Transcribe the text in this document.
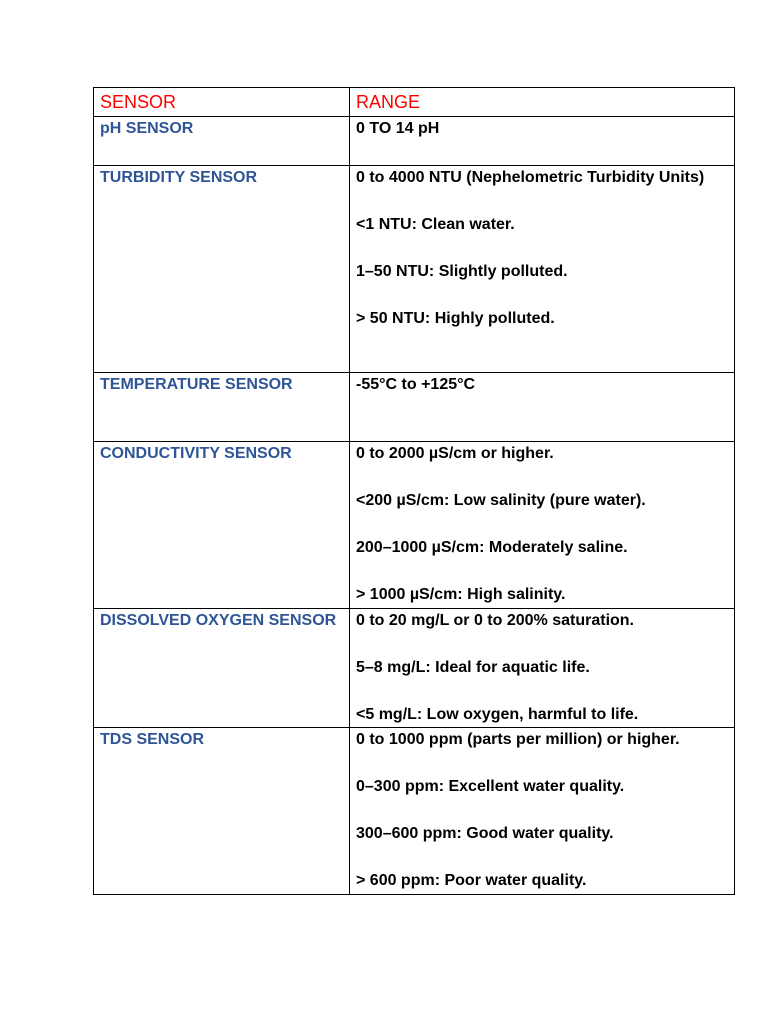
SENSOR	RANGE
pH SENSOR	0 TO 14 pH

TURBIDITY SENSOR	0 to 4000 NTU (Nephelometric Turbidity Units)
<1 NTU: Clean water.
1–50 NTU: Slightly polluted.
> 50 NTU: Highly polluted.

TEMPERATURE SENSOR	-55°C to +125°C

CONDUCTIVITY SENSOR	0 to 2000 µS/cm or higher.
<200 µS/cm: Low salinity (pure water).
200–1000 µS/cm: Moderately saline.
> 1000 µS/cm: High salinity.

DISSOLVED OXYGEN SENSOR	0 to 20 mg/L or 0 to 200% saturation.
5–8 mg/L: Ideal for aquatic life.
<5 mg/L: Low oxygen, harmful to life.

TDS SENSOR	0 to 1000 ppm (parts per million) or higher.
0–300 ppm: Excellent water quality.
300–600 ppm: Good water quality.
> 600 ppm: Poor water quality.
